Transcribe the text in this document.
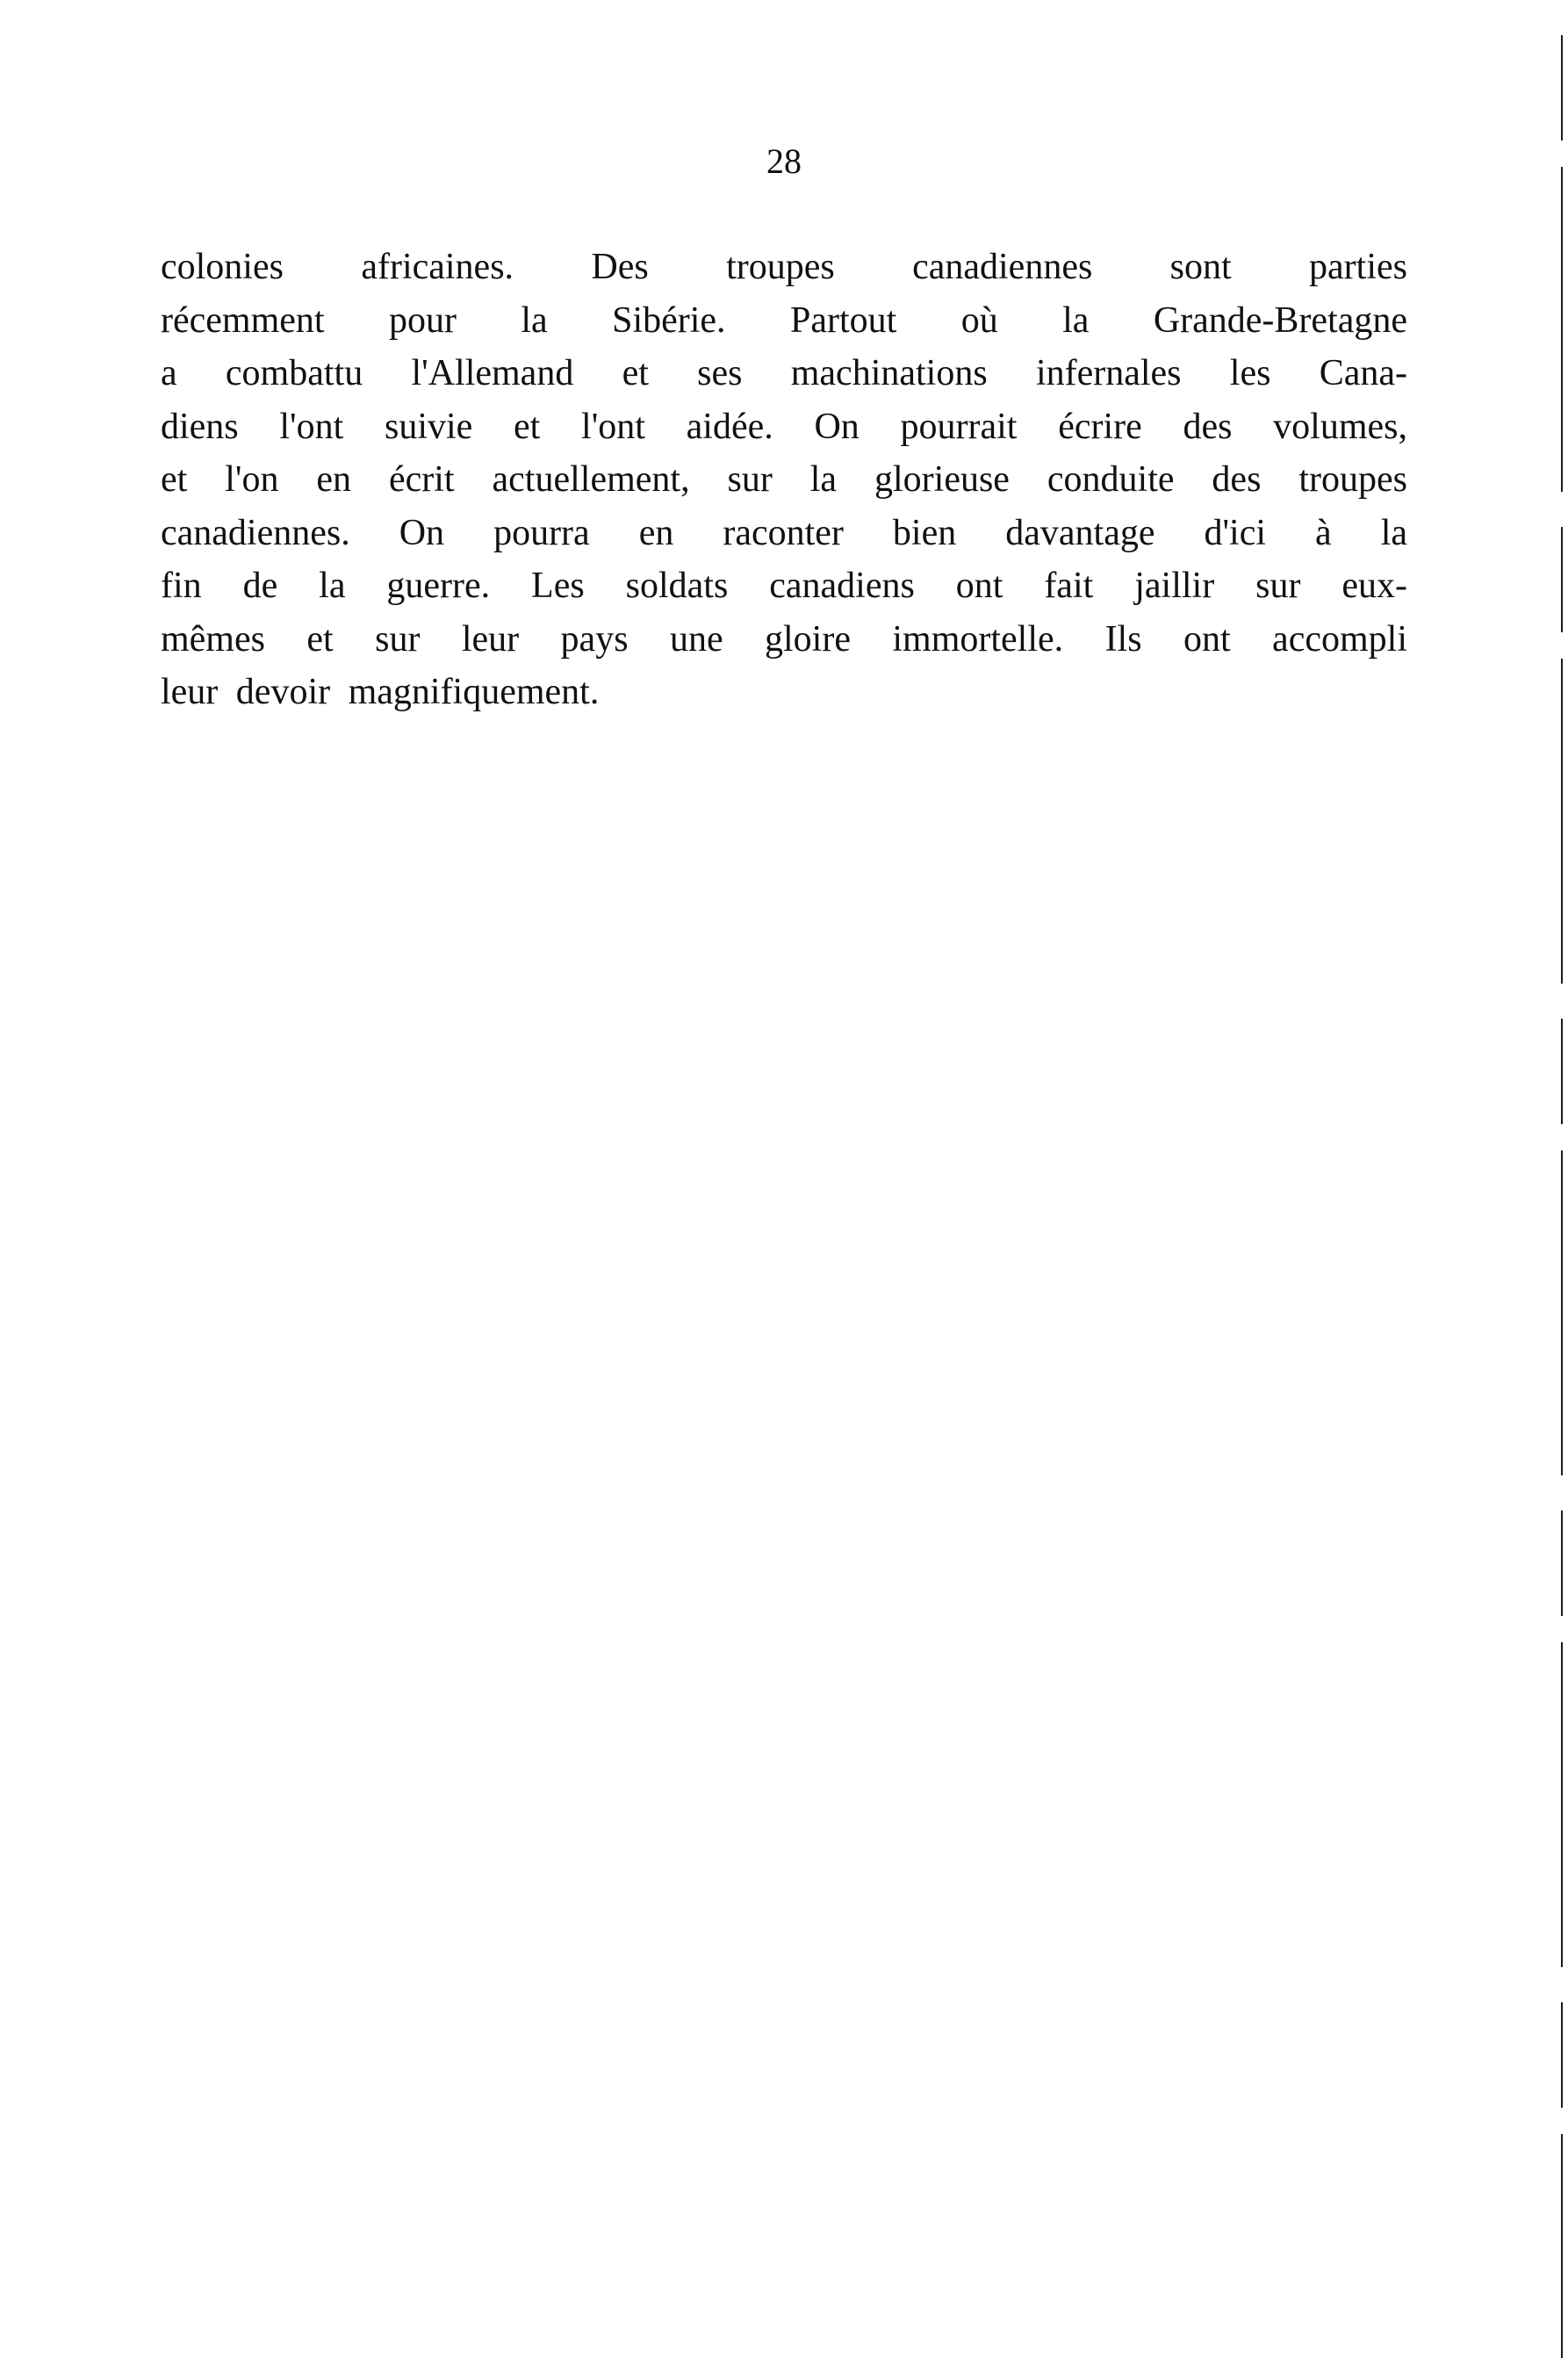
28
colonies africaines. Des troupes canadiennes sont parties
récemment pour la Sibérie. Partout où la Grande-Bretagne
a combattu l'Allemand et ses machinations infernales les Cana-
diens l'ont suivie et l'ont aidée. On pourrait écrire des volumes,
et l'on en écrit actuellement, sur la glorieuse conduite des troupes
canadiennes. On pourra en raconter bien davantage d'ici à la
fin de la guerre. Les soldats canadiens ont fait jaillir sur eux-
mêmes et sur leur pays une gloire immortelle. Ils ont accompli
leur devoir magnifiquement.
